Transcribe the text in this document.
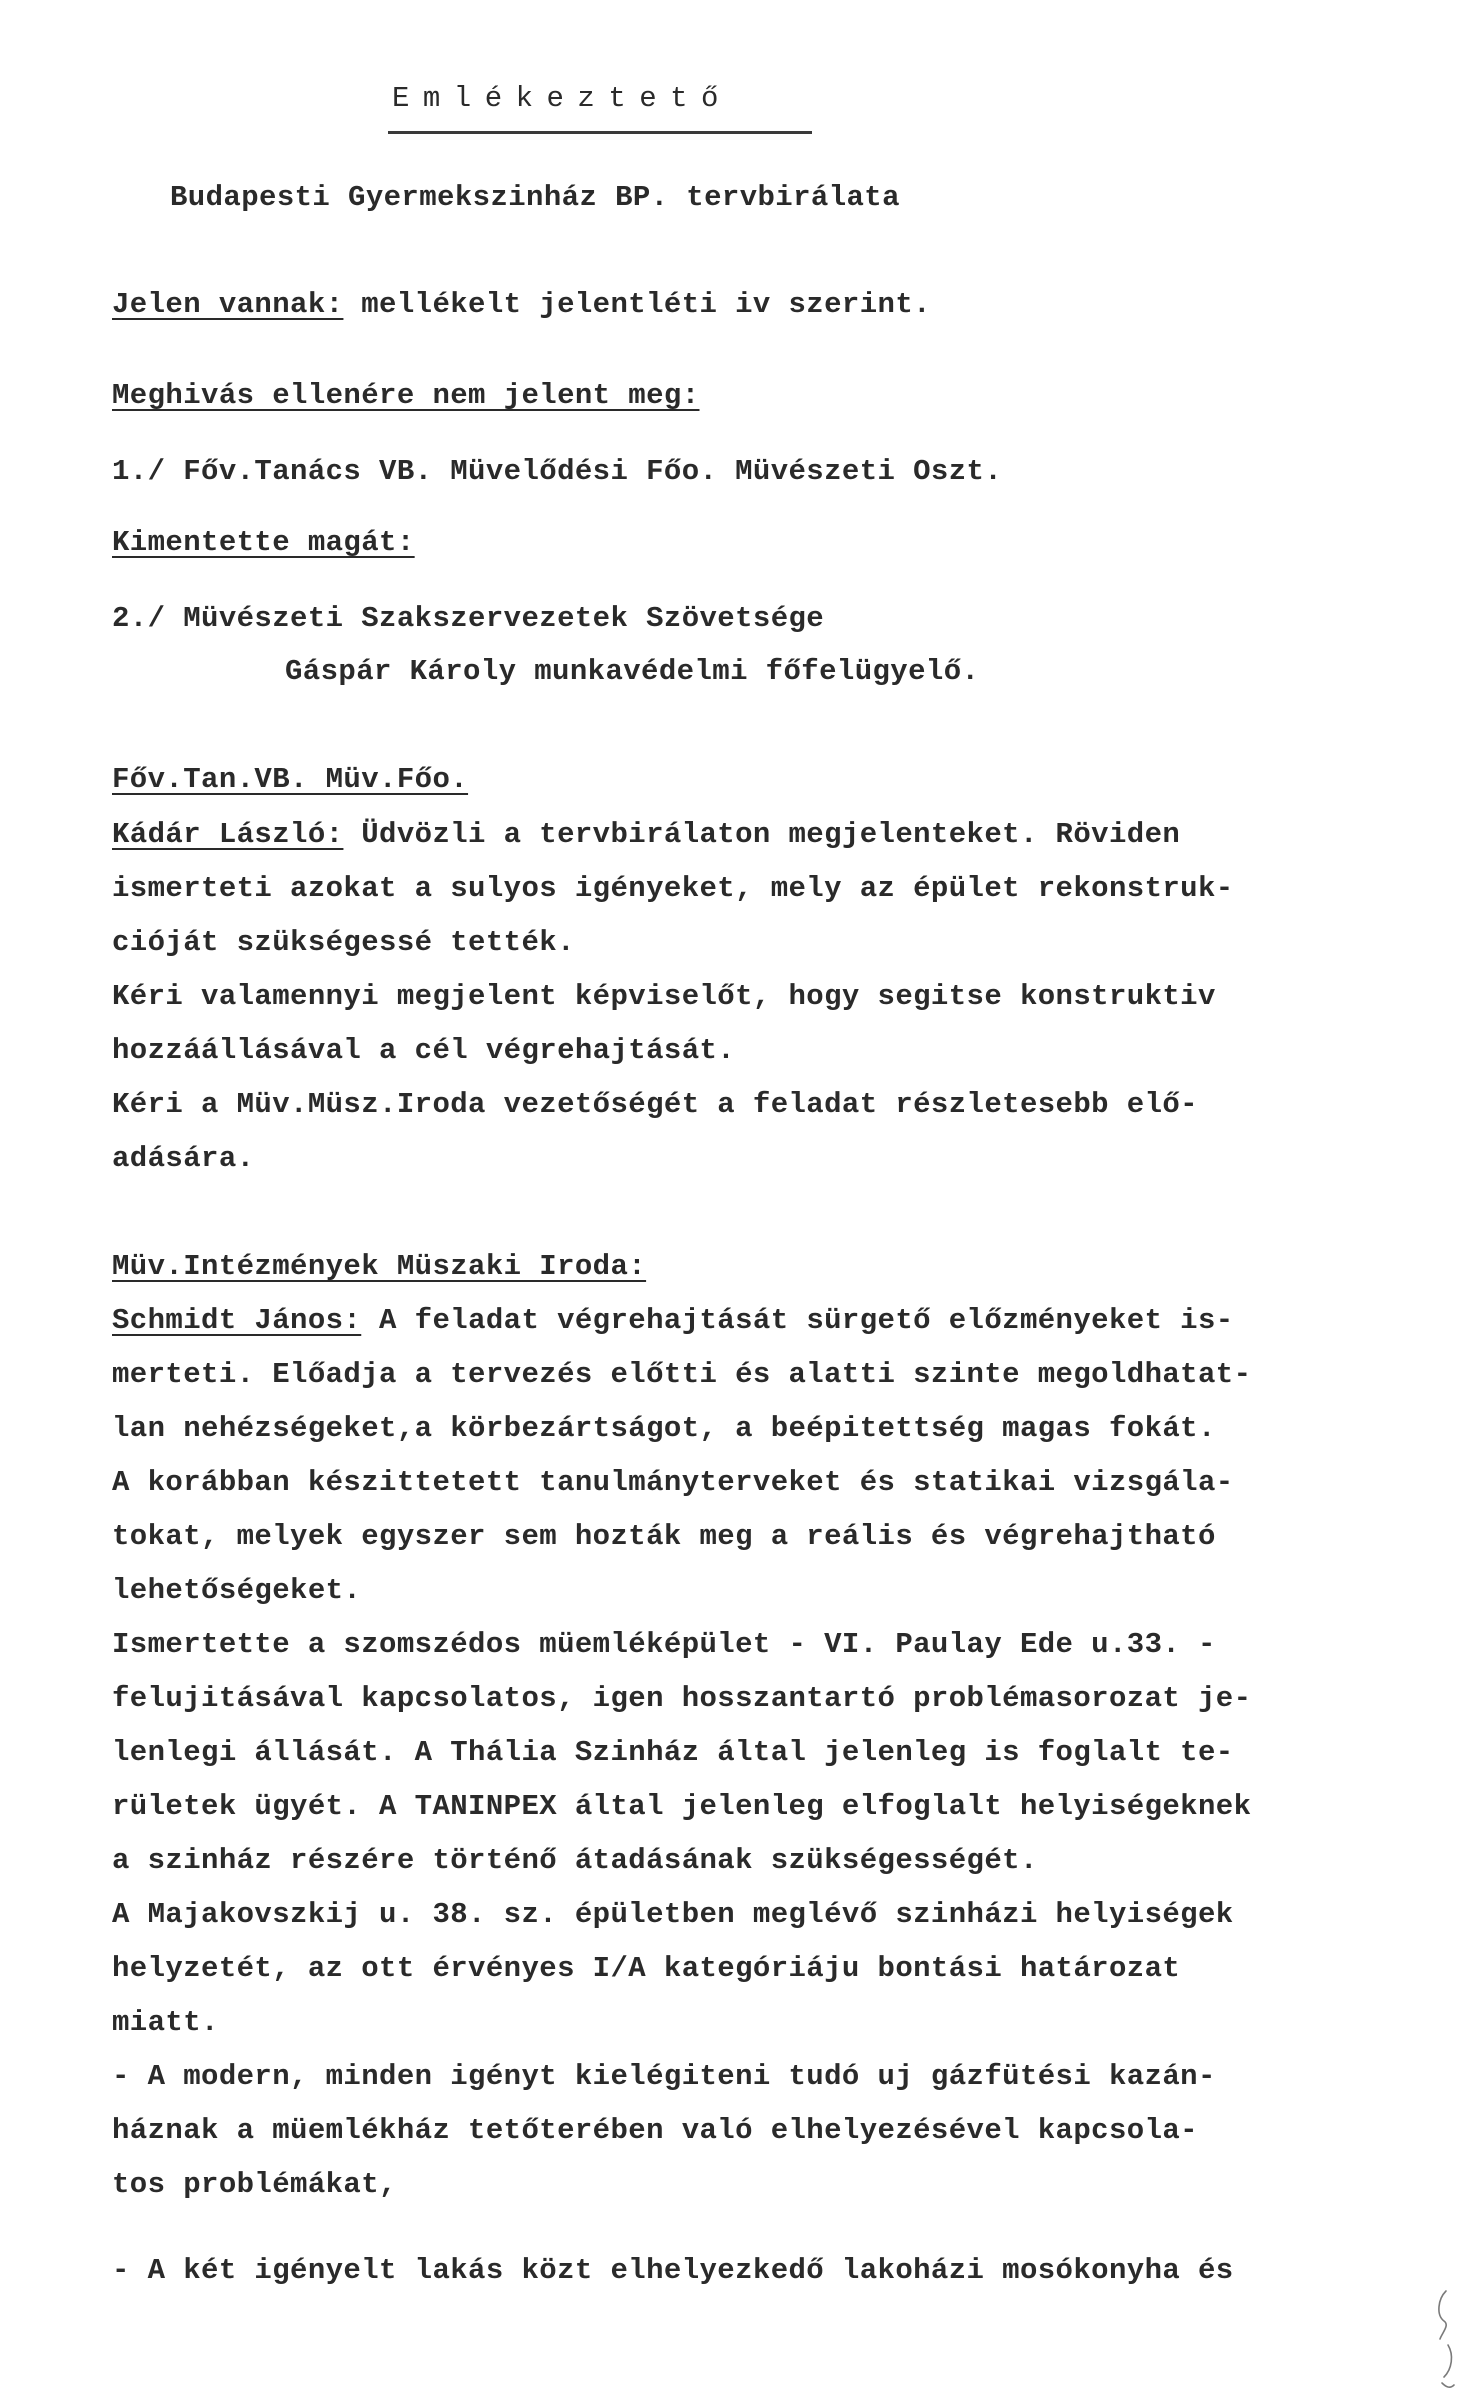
Emlékeztető
Budapesti Gyermekszinház BP. tervbirálata
Jelen vannak: mellékelt jelentléti iv szerint.
Meghivás ellenére nem jelent meg:
1./ Főv.Tanács VB. Müvelődési Főo. Müvészeti Oszt.
Kimentette magát:
2./ Müvészeti Szakszervezetek Szövetsége
Gáspár Károly munkavédelmi főfelügyelő.
Főv.Tan.VB. Müv.Főo.
Kádár László: Üdvözli a tervbirálaton megjelenteket. Röviden
ismerteti azokat a sulyos igényeket, mely az épület rekonstruk-
cióját szükségessé tették.
Kéri valamennyi megjelent képviselőt, hogy segitse konstruktiv
hozzáállásával a cél végrehajtását.
Kéri a Müv.Müsz.Iroda vezetőségét a feladat részletesebb elő-
adására.
Müv.Intézmények Müszaki Iroda:
Schmidt János: A feladat végrehajtását sürgető előzményeket is-
merteti. Előadja a tervezés előtti és alatti szinte megoldhatat-
lan nehézségeket,a körbezártságot, a beépitettség magas fokát.
A korábban készittetett tanulmányterveket és statikai vizsgála-
tokat, melyek egyszer sem hozták meg a reális és végrehajtható
lehetőségeket.
Ismertette a szomszédos müemléképület - VI. Paulay Ede u.33. -
felujitásával kapcsolatos, igen hosszantartó problémasorozat je-
lenlegi állását. A Thália Szinház által jelenleg is foglalt te-
rületek ügyét. A TANINPEX által jelenleg elfoglalt helyiségeknek
a szinház részére történő átadásának szükségességét.
A Majakovszkij u. 38. sz. épületben meglévő szinházi helyiségek
helyzetét, az ott érvényes I/A kategóriáju bontási határozat
miatt.
- A modern, minden igényt kielégiteni tudó uj gázfütési kazán-
háznak a müemlékház tetőterében való elhelyezésével kapcsola-
tos problémákat,
- A két igényelt lakás közt elhelyezkedő lakoházi mosókonyha és
